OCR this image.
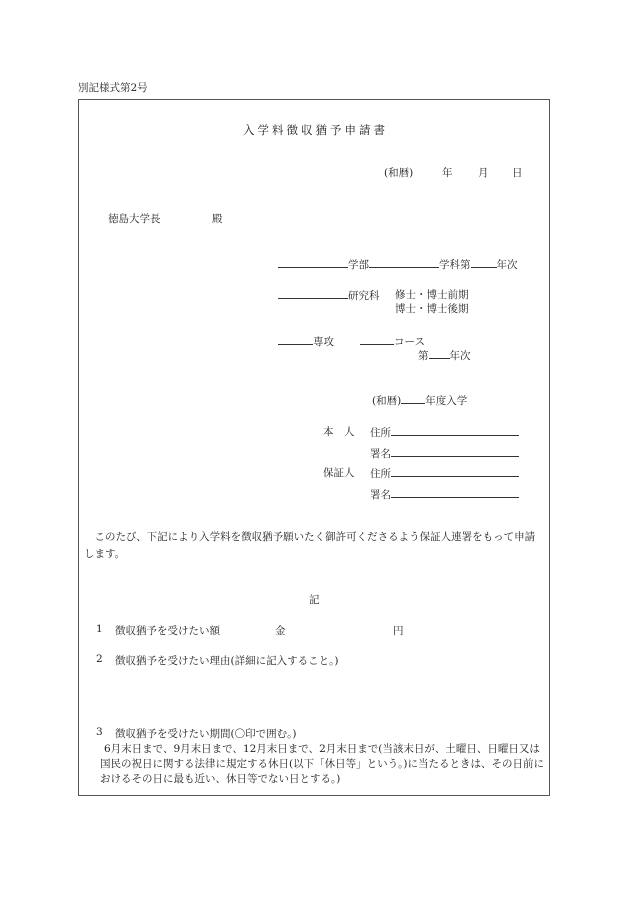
別記様式第2号
入学料徴収猶予申請書
(和暦)	年 月 日
徳島大学長	殿
学部	学科第 年次
研究科 修士・博士前期
博士・博士後期
専攻	コース
第 年次
(和暦) 年度入学
本　人 住所
署名
保証人 住所
署名
　このたび、下記により入学料を徴収猶予願いたく御許可くださるよう保証人連署をもって申請します。
記
1 徴収猶予を受けたい額	金	円
2 徴収猶予を受けたい理由(詳細に記入すること。)
3 徴収猶予を受けたい期間(〇印で囲む。)
6月末日まで、9月末日まで、12月末日まで、2月末日まで(当該末日が、土曜日、日曜日又は国民の祝日に関する法律に規定する休日(以下「休日等」という。)に当たるときは、その日前におけるその日に最も近い、休日等でない日とする。)
